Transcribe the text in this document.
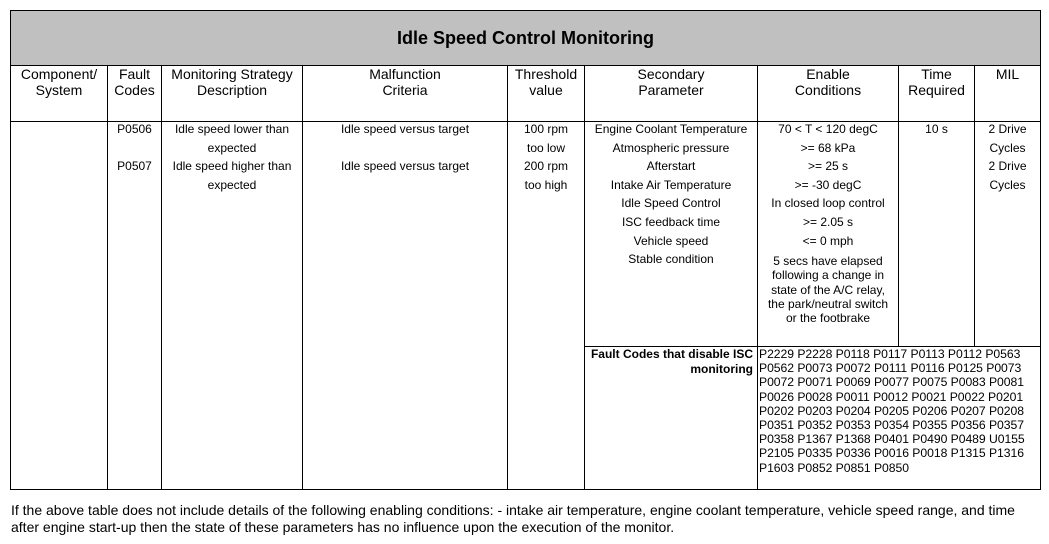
Idle Speed Control Monitoring
Component/
System
Fault
Codes
Monitoring Strategy
Description
Malfunction
Criteria
Threshold
value
Secondary
Parameter
Enable
Conditions
Time
Required
MIL
P0506

P0507
Idle speed lower than
expected
Idle speed higher than
expected
Idle speed versus target

Idle speed versus target
100 rpm
too low
200 rpm
too high
Engine Coolant Temperature
Atmospheric pressure
Afterstart
Intake Air Temperature
Idle Speed Control
ISC feedback time
Vehicle speed
Stable condition
70 < T < 120 degC
>= 68 kPa
>= 25 s
>= -30 degC
In closed loop control
>= 2.05 s
<= 0 mph
5 secs have elapsed following a change in state of the A/C relay, the park/neutral switch or the footbrake
10 s	2 Drive
Cycles
2 Drive
Cycles
Fault Codes that disable ISC monitoring
P2229 P2228 P0118 P0117 P0113 P0112 P0563 P0562 P0073 P0072 P0111 P0116 P0125 P0073 P0072 P0071 P0069 P0077 P0075 P0083 P0081 P0026 P0028 P0011 P0012 P0021 P0022 P0201 P0202 P0203 P0204 P0205 P0206 P0207 P0208 P0351 P0352 P0353 P0354 P0355 P0356 P0357 P0358 P1367 P1368 P0401 P0490 P0489 U0155 P2105 P0335 P0336 P0016 P0018 P1315 P1316 P1603 P0852 P0851 P0850
If the above table does not include details of the following enabling conditions: - intake air temperature, engine coolant temperature, vehicle speed range, and time after engine start-up then the state of these parameters has no influence upon the execution of the monitor.
